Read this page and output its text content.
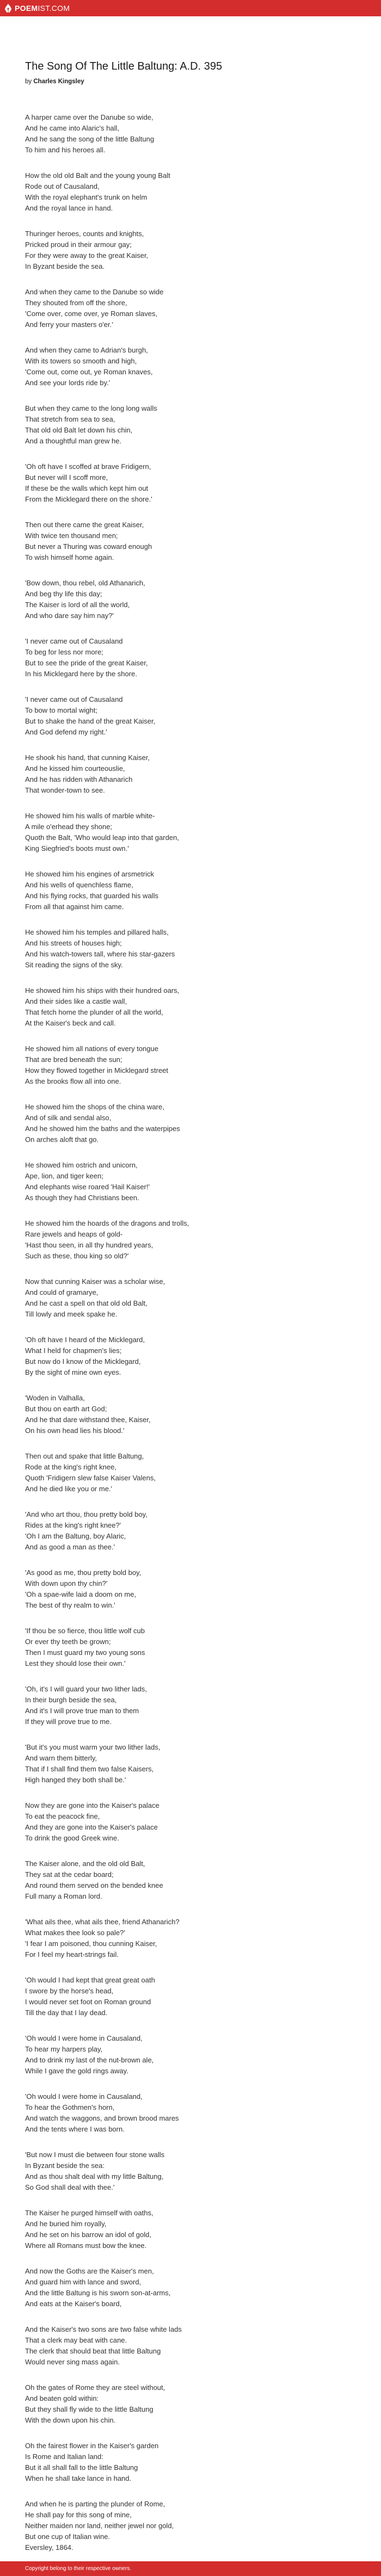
POEMIST.COM
The Song Of The Little Baltung: A.D. 395
by Charles Kingsley
A harper came over the Danube so wide,
And he came into Alaric's hall,
And he sang the song of the little Baltung
To him and his heroes all.
How the old old Balt and the young young Balt
Rode out of Causaland,
With the royal elephant's trunk on helm
And the royal lance in hand.
Thuringer heroes, counts and knights,
Pricked proud in their armour gay;
For they were away to the great Kaiser,
In Byzant beside the sea.
And when they came to the Danube so wide
They shouted from off the shore,
'Come over, come over, ye Roman slaves,
And ferry your masters o'er.'
And when they came to Adrian's burgh,
With its towers so smooth and high,
'Come out, come out, ye Roman knaves,
And see your lords ride by.'
But when they came to the long long walls
That stretch from sea to sea,
That old old Balt let down his chin,
And a thoughtful man grew he.
'Oh oft have I scoffed at brave Fridigern,
But never will I scoff more,
If these be the walls which kept him out
From the Micklegard there on the shore.'
Then out there came the great Kaiser,
With twice ten thousand men;
But never a Thuring was coward enough
To wish himself home again.
'Bow down, thou rebel, old Athanarich,
And beg thy life this day;
The Kaiser is lord of all the world,
And who dare say him nay?'
'I never came out of Causaland
To beg for less nor more;
But to see the pride of the great Kaiser,
In his Micklegard here by the shore.
'I never came out of Causaland
To bow to mortal wight;
But to shake the hand of the great Kaiser,
And God defend my right.'
He shook his hand, that cunning Kaiser,
And he kissed him courteouslie,
And he has ridden with Athanarich
That wonder-town to see.
He showed him his walls of marble white-
A mile o'erhead they shone;
Quoth the Balt, 'Who would leap into that garden,
King Siegfried's boots must own.'
He showed him his engines of arsmetrick
And his wells of quenchless flame,
And his flying rocks, that guarded his walls
From all that against him came.
He showed him his temples and pillared halls,
And his streets of houses high;
And his watch-towers tall, where his star-gazers
Sit reading the signs of the sky.
He showed him his ships with their hundred oars,
And their sides like a castle wall,
That fetch home the plunder of all the world,
At the Kaiser's beck and call.
He showed him all nations of every tongue
That are bred beneath the sun;
How they flowed together in Micklegard street
As the brooks flow all into one.
He showed him the shops of the china ware,
And of silk and sendal also,
And he showed him the baths and the waterpipes
On arches aloft that go.
He showed him ostrich and unicorn,
Ape, lion, and tiger keen;
And elephants wise roared 'Hail Kaiser!'
As though they had Christians been.
He showed him the hoards of the dragons and trolls,
Rare jewels and heaps of gold-
'Hast thou seen, in all thy hundred years,
Such as these, thou king so old?'
Now that cunning Kaiser was a scholar wise,
And could of gramarye,
And he cast a spell on that old old Balt,
Till lowly and meek spake he.
'Oh oft have I heard of the Micklegard,
What I held for chapmen's lies;
But now do I know of the Micklegard,
By the sight of mine own eyes.
'Woden in Valhalla,
But thou on earth art God;
And he that dare withstand thee, Kaiser,
On his own head lies his blood.'
Then out and spake that little Baltung,
Rode at the king's right knee,
Quoth 'Fridigern slew false Kaiser Valens,
And he died like you or me.'
'And who art thou, thou pretty bold boy,
Rides at the king's right knee?'
'Oh I am the Baltung, boy Alaric,
And as good a man as thee.'
'As good as me, thou pretty bold boy,
With down upon thy chin?'
'Oh a spae-wife laid a doom on me,
The best of thy realm to win.'
'If thou be so fierce, thou little wolf cub
Or ever thy teeth be grown;
Then I must guard my two young sons
Lest they should lose their own.'
'Oh, it's I will guard your two lither lads,
In their burgh beside the sea,
And it's I will prove true man to them
If they will prove true to me.
'But it's you must warm your two lither lads,
And warn them bitterly,
That if I shall find them two false Kaisers,
High hanged they both shall be.'
Now they are gone into the Kaiser's palace
To eat the peacock fine,
And they are gone into the Kaiser's palace
To drink the good Greek wine.
The Kaiser alone, and the old old Balt,
They sat at the cedar board;
And round them served on the bended knee
Full many a Roman lord.
'What ails thee, what ails thee, friend Athanarich?
What makes thee look so pale?'
'I fear I am poisoned, thou cunning Kaiser,
For I feel my heart-strings fail.
'Oh would I had kept that great great oath
I swore by the horse's head,
I would never set foot on Roman ground
Till the day that I lay dead.
'Oh would I were home in Causaland,
To hear my harpers play,
And to drink my last of the nut-brown ale,
While I gave the gold rings away.
'Oh would I were home in Causaland,
To hear the Gothmen's horn,
And watch the waggons, and brown brood mares
And the tents where I was born.
'But now I must die between four stone walls
In Byzant beside the sea:
And as thou shalt deal with my little Baltung,
So God shall deal with thee.'
The Kaiser he purged himself with oaths,
And he buried him royally,
And he set on his barrow an idol of gold,
Where all Romans must bow the knee.
And now the Goths are the Kaiser's men,
And guard him with lance and sword,
And the little Baltung is his sworn son-at-arms,
And eats at the Kaiser's board,
And the Kaiser's two sons are two false white lads
That a clerk may beat with cane.
The clerk that should beat that little Baltung
Would never sing mass again.
Oh the gates of Rome they are steel without,
And beaten gold within:
But they shall fly wide to the little Baltung
With the down upon his chin.
Oh the fairest flower in the Kaiser's garden
Is Rome and Italian land:
But it all shall fall to the little Baltung
When he shall take lance in hand.
And when he is parting the plunder of Rome,
He shall pay for this song of mine,
Neither maiden nor land, neither jewel nor gold,
But one cup of Italian wine.
Eversley, 1864.
Copyright belong to their respective owners.
